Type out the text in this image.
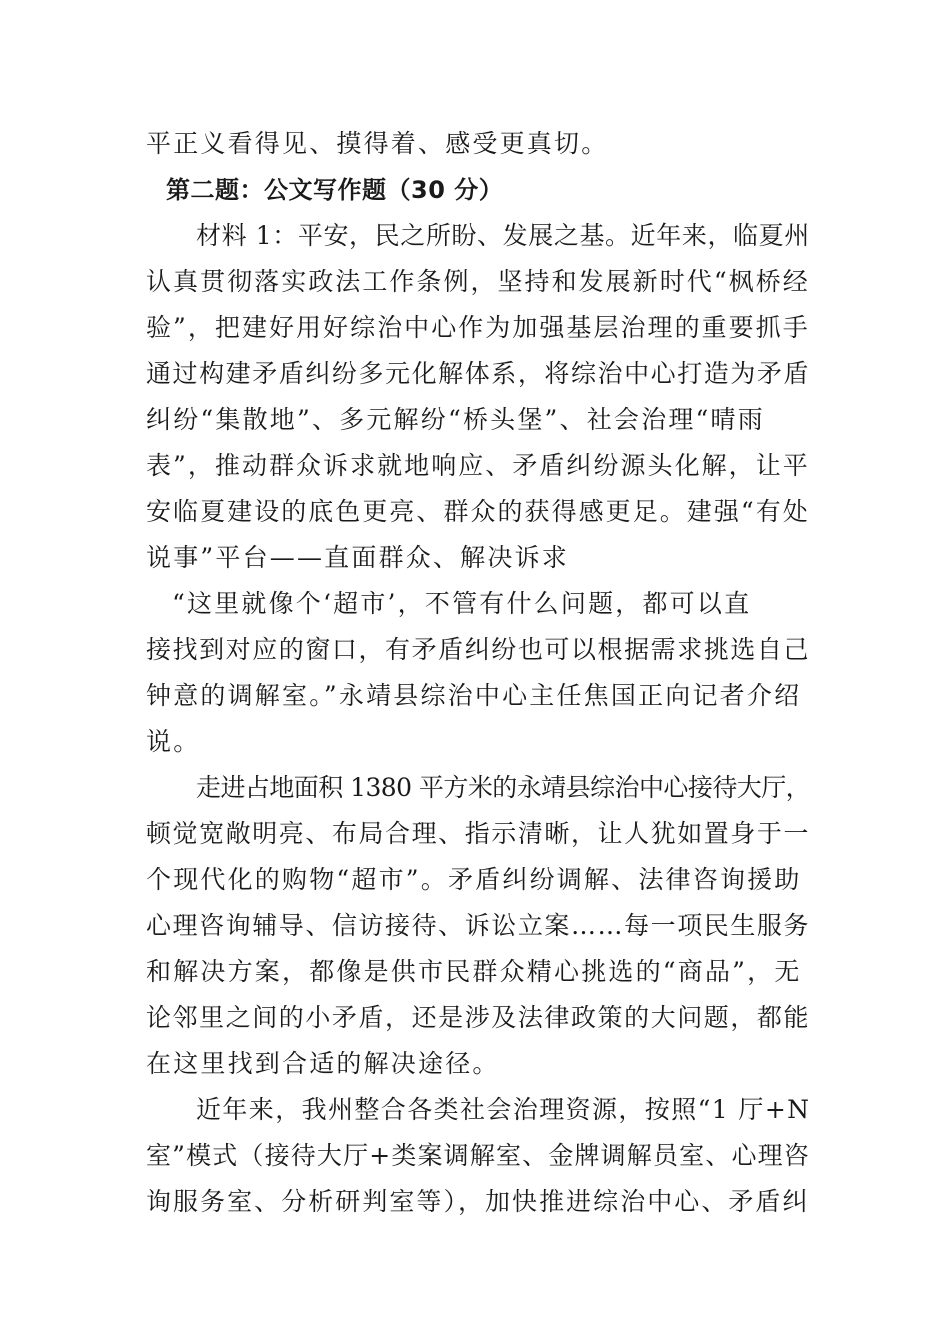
平正义看得见、摸得着、感受更真切。
第二题：公文写作题（30 分）
材料 1：平安，民之所盼、发展之基。近年来，临夏州
认真贯彻落实政法工作条例，坚持和发展新时代“枫桥经
验”，把建好用好综治中心作为加强基层治理的重要抓手
通过构建矛盾纠纷多元化解体系，将综治中心打造为矛盾
纠纷“集散地”、多元解纷“桥头堡”、社会治理“晴雨
表”，推动群众诉求就地响应、矛盾纠纷源头化解，让平
安临夏建设的底色更亮、群众的获得感更足。建强“有处
说事”平台——直面群众、解决诉求
“这里就像个‘超市’，不管有什么问题，都可以直
接找到对应的窗口，有矛盾纠纷也可以根据需求挑选自己
钟意的调解室。”永靖县综治中心主任焦国正向记者介绍
说。
走进占地面积 1380 平方米的永靖县综治中心接待大厅，
顿觉宽敞明亮、布局合理、指示清晰，让人犹如置身于一
个现代化的购物“超市”。矛盾纠纷调解、法律咨询援助
心理咨询辅导、信访接待、诉讼立案……每一项民生服务
和解决方案，都像是供市民群众精心挑选的“商品”，无
论邻里之间的小矛盾，还是涉及法律政策的大问题，都能
在这里找到合适的解决途径。
近年来，我州整合各类社会治理资源，按照“1 厅+N
室”模式（接待大厅+类案调解室、金牌调解员室、心理咨
询服务室、分析研判室等），加快推进综治中心、矛盾纠
